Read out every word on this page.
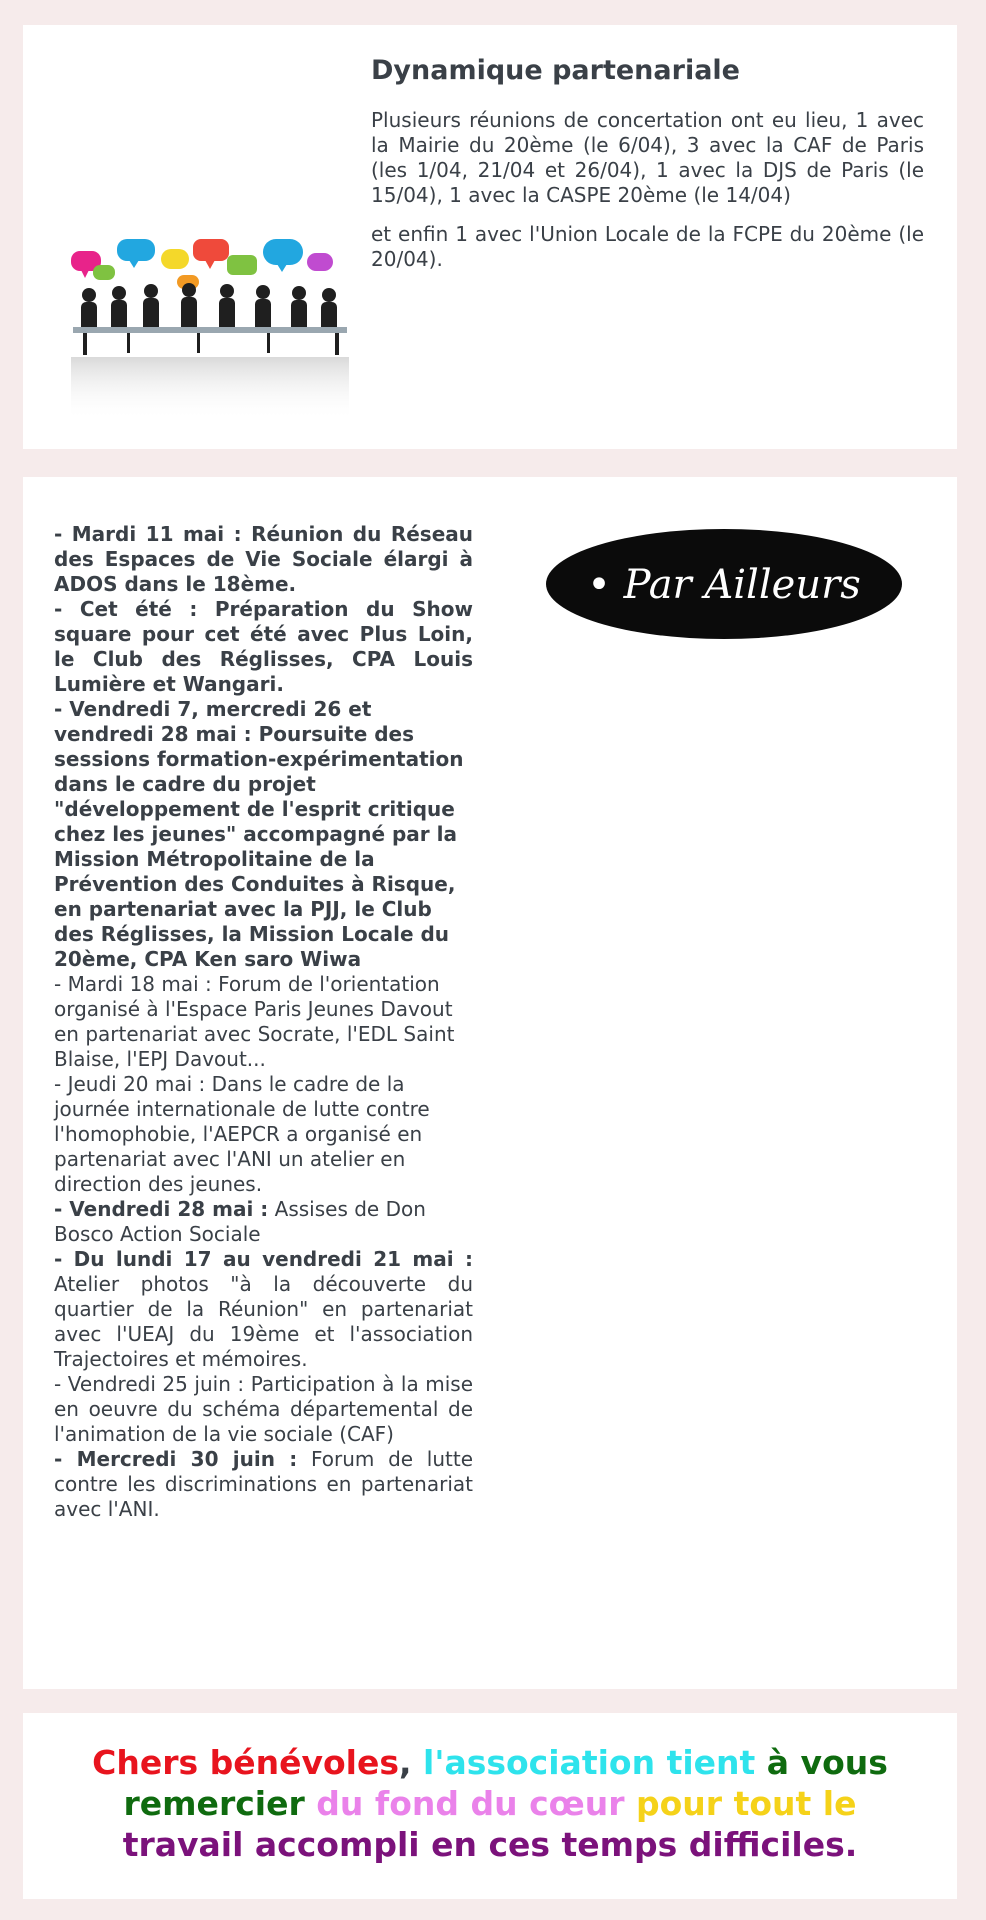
Dynamique partenariale

Plusieurs réunions de concertation ont eu lieu, 1 avec la Mairie du 20ème (le 6/04), 3 avec la CAF de Paris (les 1/04, 21/04 et 26/04), 1 avec la DJS de Paris (le 15/04), 1 avec la CASPE 20ème (le 14/04)

et enfin 1 avec l'Union Locale de la FCPE du 20ème (le 20/04).

- Mardi 11 mai : Réunion du Réseau des Espaces de Vie Sociale élargi à ADOS dans le 18ème.

- Cet été : Préparation du Show square pour cet été avec Plus Loin, le Club des Réglisses, CPA Louis Lumière et Wangari.

- Vendredi 7, mercredi 26 et vendredi 28 mai : Poursuite des sessions formation-expérimentation dans le cadre du projet "développement de l'esprit critique chez les jeunes" accompagné par la Mission Métropolitaine de la Prévention des Conduites à Risque, en partenariat avec la PJJ, le Club des Réglisses, la Mission Locale du 20ème, CPA Ken saro Wiwa

- Mardi 18 mai : Forum de l'orientation organisé à l'Espace Paris Jeunes Davout en partenariat avec Socrate, l'EDL Saint Blaise, l'EPJ Davout...

- Jeudi 20 mai : Dans le cadre de la journée internationale de lutte contre l'homophobie, l'AEPCR a organisé en partenariat avec l'ANI un atelier en direction des jeunes.

- Vendredi 28 mai : Assises de Don Bosco Action Sociale

- Du lundi 17 au vendredi 21 mai : Atelier photos "à la découverte du quartier de la Réunion" en partenariat avec l'UEAJ du 19ème et l'association Trajectoires et mémoires.

- Vendredi 25 juin : Participation à la mise en oeuvre du schéma départemental de l'animation de la vie sociale (CAF)

- Mercredi 30 juin : Forum de lutte contre les discriminations en partenariat avec l'ANI.

• Par Ailleurs

Chers bénévoles, l'association tient à vous

remercier du fond du cœur pour tout le

travail accompli en ces temps difficiles.
